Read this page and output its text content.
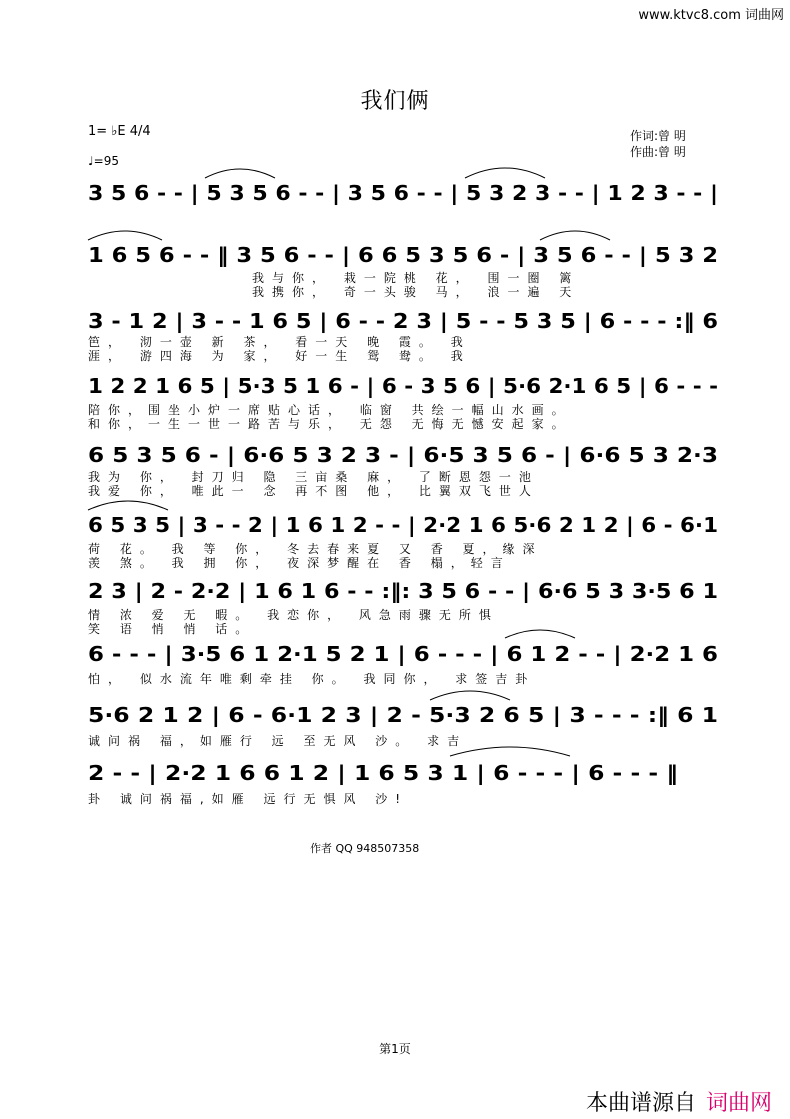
www.ktvc8.com 词曲网
我们俩
1= ♭E 4/4
♩=95
作词:曾 明
作曲:曾 明
3 5 6 - - | 5 3 5 6 - - | 3 5 6 - - | 5 3 2 3 - - | 1 2 3 - - |
1 6 5 6 - - ‖ 3 5 6 - - | 6 6 5 3 5 6 - | 3 5 6 - - | 5 3 2
3 - 1 2 | 3 - - 1 6 5 | 6 - - 2 3 | 5 - - 5 3 5 | 6 - - - :‖ 6
1 2 2 1 6 5 | 5·3 5 1 6 - | 6 - 3 5 6 | 5·6 2·1 6 5 | 6 - - -
6 5 3 5 6 - | 6·6 5 3 2 3 - | 6·5 3 5 6 - | 6·6 5 3 2·3
6 5 3 5 | 3 - - 2 | 1 6 1 2 - - | 2·2 1 6 5·6 2 1 2 | 6 - 6·1
2 3 | 2 - 2·2 | 1 6 1 6 - - :‖: 3 5 6 - - | 6·6 5 3 3·5 6 1
6 - - - | 3·5 6 1 2·1 5 2 1 | 6 - - - | 6 1 2 - - | 2·2 1 6
5·6 2 1 2 | 6 - 6·1 2 3 | 2 - 5·3 2 6 5 | 3 - - - :‖ 6 1
2 - - | 2·2 1 6 6 1 2 | 1 6 5 3 1 | 6 - - - | 6 - - - ‖
我与你， 栽一院桃 花， 围一圈 篱
我携你， 奇一头骏 马， 浪一遍 天
笆， 沏一壶 新 茶， 看一天 晚 霞。 我
涯， 游四海 为 家， 好一生 鸳 鸯。 我
陪你，围坐小炉一席贴心话， 临窗 共绘一幅山水画。
和你，一生一世一路苦与乐， 无怨 无悔无憾安起家。
我为 你， 封刀归 隐 三亩桑 麻， 了断恩怨一池
我爱 你， 唯此一 念 再不图 他， 比翼双飞世人
荷 花。 我 等 你， 冬去春来夏 又 香 夏，缘深
羡 煞。 我 拥 你， 夜深梦醒在 香 榻，轻言
情 浓 爱 无 暇。 我恋你， 风急雨骤无所惧
笑 语 悄 悄 话。
怕， 似水流年唯剩牵挂 你。 我同你， 求签吉卦
诚问祸 福，如雁行 远 至无风 沙。 求吉
卦 诚问祸福,如雁 远行无惧风 沙!
作者 QQ 948507358
第1页
本曲谱源自 词曲网
